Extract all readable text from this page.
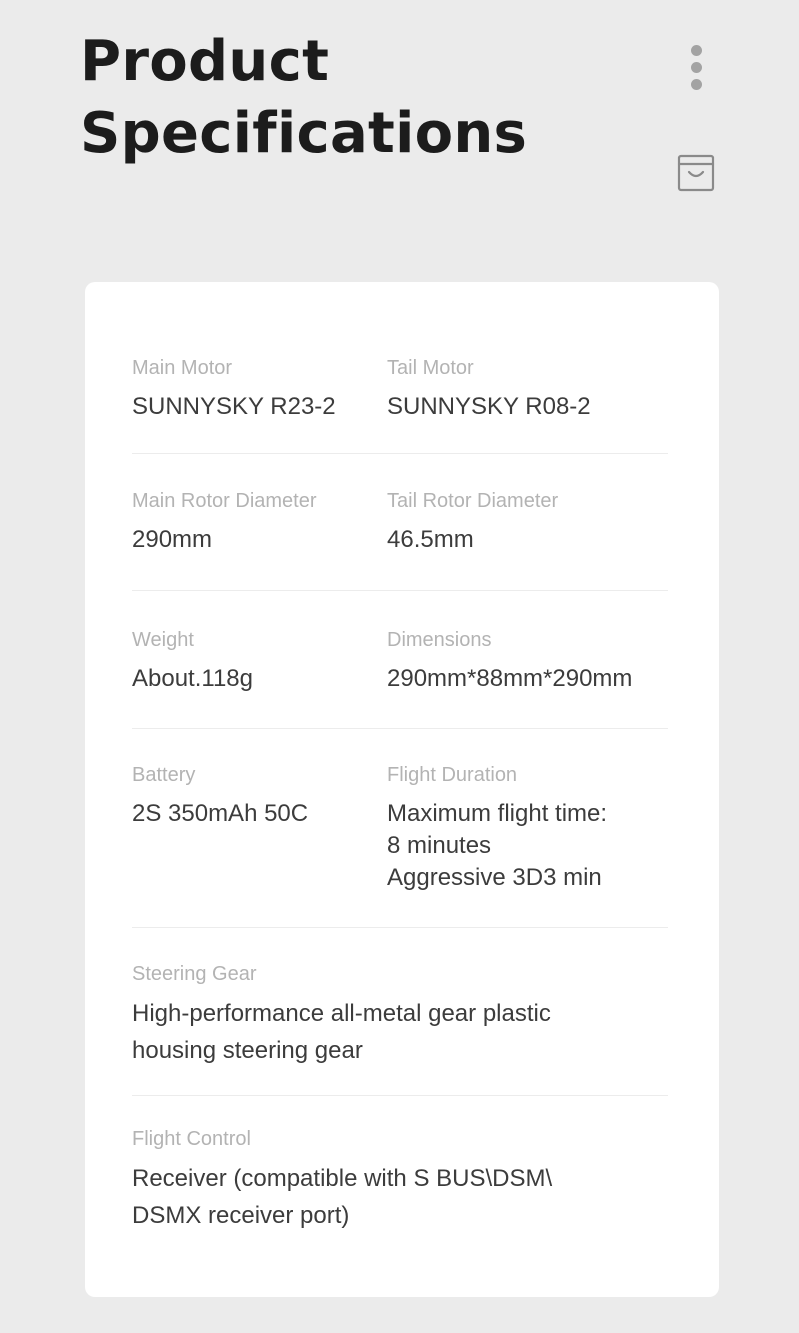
Product
Specifications
Main Motor
SUNNYSKY R23-2
Tail Motor
SUNNYSKY R08-2
Main Rotor Diameter
290mm
Tail Rotor Diameter
46.5mm
Weight
About.118g
Dimensions
290mm*88mm*290mm
Battery
2S 350mAh 50C
Flight Duration
Maximum flight time:
8 minutes
Aggressive 3D3 min
Steering Gear
High-performance all-metal gear plastic housing steering gear
Flight Control
Receiver (compatible with S BUS\DSM\ DSMX receiver port)
